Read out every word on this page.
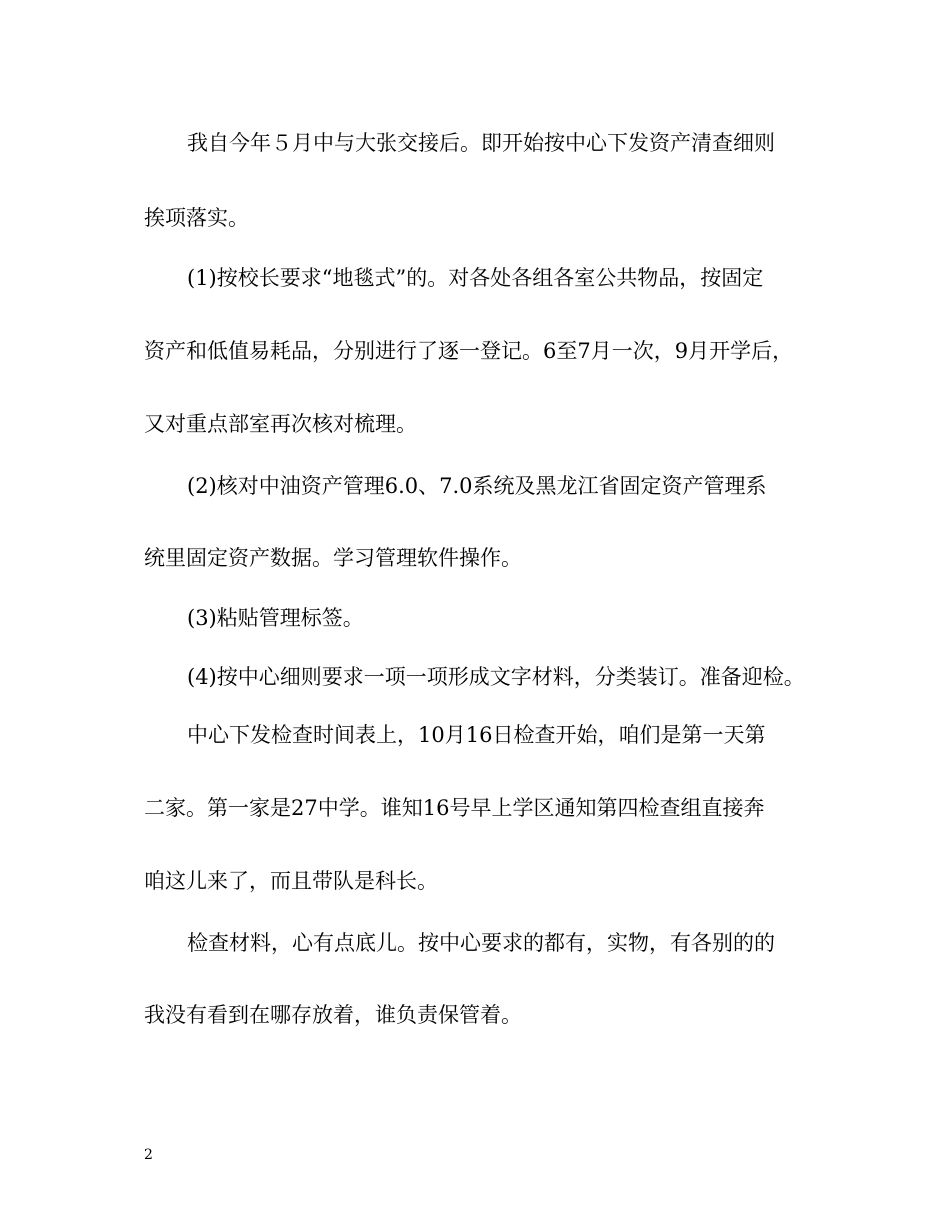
我自今年５月中与大张交接后。即开始按中心下发资产清查细则
挨项落实。
(1)按校长要求“地毯式”的。对各处各组各室公共物品，按固定
资产和低值易耗品，分别进行了逐一登记。6至7月一次，9月开学后，
又对重点部室再次核对梳理。
(2)核对中油资产管理6.0、7.0系统及黑龙江省固定资产管理系
统里固定资产数据。学习管理软件操作。
(3)粘贴管理标签。
(4)按中心细则要求一项一项形成文字材料，分类装订。准备迎检。
中心下发检查时间表上，10月16日检查开始，咱们是第一天第
二家。第一家是27中学。谁知16号早上学区通知第四检查组直接奔
咱这儿来了，而且带队是科长。
检查材料，心有点底儿。按中心要求的都有，实物，有各别的的
我没有看到在哪存放着，谁负责保管着。
2
